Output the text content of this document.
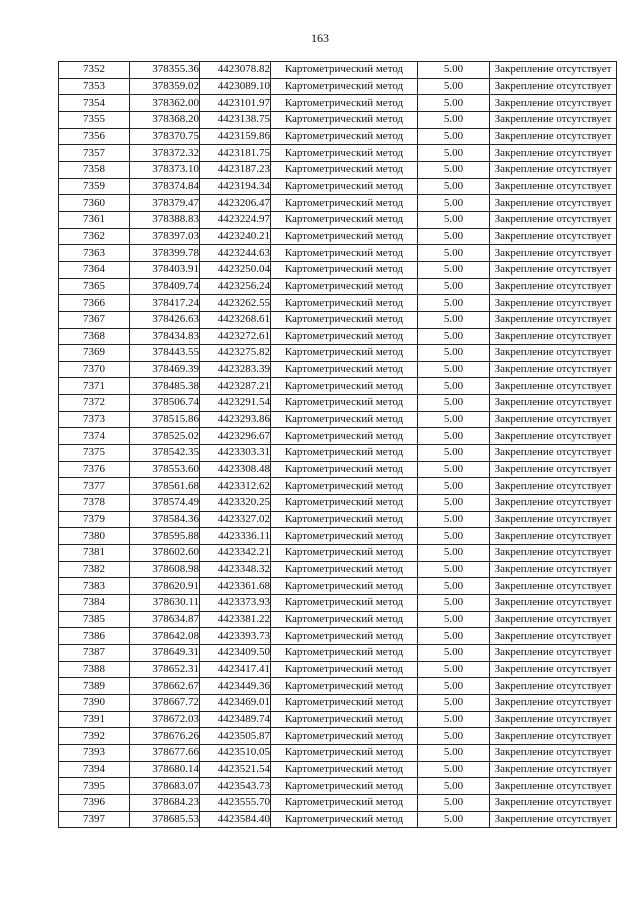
163
7352	378355.36	4423078.82	Картометрический метод	5.00	Закрепление отсутствует
7353	378359.02	4423089.10	Картометрический метод	5.00	Закрепление отсутствует
7354	378362.00	4423101.97	Картометрический метод	5.00	Закрепление отсутствует
7355	378368.20	4423138.75	Картометрический метод	5.00	Закрепление отсутствует
7356	378370.75	4423159.86	Картометрический метод	5.00	Закрепление отсутствует
7357	378372.32	4423181.75	Картометрический метод	5.00	Закрепление отсутствует
7358	378373.10	4423187.23	Картометрический метод	5.00	Закрепление отсутствует
7359	378374.84	4423194.34	Картометрический метод	5.00	Закрепление отсутствует
7360	378379.47	4423206.47	Картометрический метод	5.00	Закрепление отсутствует
7361	378388.83	4423224.97	Картометрический метод	5.00	Закрепление отсутствует
7362	378397.03	4423240.21	Картометрический метод	5.00	Закрепление отсутствует
7363	378399.78	4423244.63	Картометрический метод	5.00	Закрепление отсутствует
7364	378403.91	4423250.04	Картометрический метод	5.00	Закрепление отсутствует
7365	378409.74	4423256.24	Картометрический метод	5.00	Закрепление отсутствует
7366	378417.24	4423262.55	Картометрический метод	5.00	Закрепление отсутствует
7367	378426.63	4423268.61	Картометрический метод	5.00	Закрепление отсутствует
7368	378434.83	4423272.61	Картометрический метод	5.00	Закрепление отсутствует
7369	378443.55	4423275.82	Картометрический метод	5.00	Закрепление отсутствует
7370	378469.39	4423283.39	Картометрический метод	5.00	Закрепление отсутствует
7371	378485.38	4423287.21	Картометрический метод	5.00	Закрепление отсутствует
7372	378506.74	4423291.54	Картометрический метод	5.00	Закрепление отсутствует
7373	378515.86	4423293.86	Картометрический метод	5.00	Закрепление отсутствует
7374	378525.02	4423296.67	Картометрический метод	5.00	Закрепление отсутствует
7375	378542.35	4423303.31	Картометрический метод	5.00	Закрепление отсутствует
7376	378553.60	4423308.48	Картометрический метод	5.00	Закрепление отсутствует
7377	378561.68	4423312.62	Картометрический метод	5.00	Закрепление отсутствует
7378	378574.49	4423320.25	Картометрический метод	5.00	Закрепление отсутствует
7379	378584.36	4423327.02	Картометрический метод	5.00	Закрепление отсутствует
7380	378595.88	4423336.11	Картометрический метод	5.00	Закрепление отсутствует
7381	378602.60	4423342.21	Картометрический метод	5.00	Закрепление отсутствует
7382	378608.98	4423348.32	Картометрический метод	5.00	Закрепление отсутствует
7383	378620.91	4423361.68	Картометрический метод	5.00	Закрепление отсутствует
7384	378630.11	4423373.93	Картометрический метод	5.00	Закрепление отсутствует
7385	378634.87	4423381.22	Картометрический метод	5.00	Закрепление отсутствует
7386	378642.08	4423393.73	Картометрический метод	5.00	Закрепление отсутствует
7387	378649.31	4423409.50	Картометрический метод	5.00	Закрепление отсутствует
7388	378652.31	4423417.41	Картометрический метод	5.00	Закрепление отсутствует
7389	378662.67	4423449.36	Картометрический метод	5.00	Закрепление отсутствует
7390	378667.72	4423469.01	Картометрический метод	5.00	Закрепление отсутствует
7391	378672.03	4423489.74	Картометрический метод	5.00	Закрепление отсутствует
7392	378676.26	4423505.87	Картометрический метод	5.00	Закрепление отсутствует
7393	378677.66	4423510.05	Картометрический метод	5.00	Закрепление отсутствует
7394	378680.14	4423521.54	Картометрический метод	5.00	Закрепление отсутствует
7395	378683.07	4423543.73	Картометрический метод	5.00	Закрепление отсутствует
7396	378684.23	4423555.70	Картометрический метод	5.00	Закрепление отсутствует
7397	378685.53	4423584.40	Картометрический метод	5.00	Закрепление отсутствует
